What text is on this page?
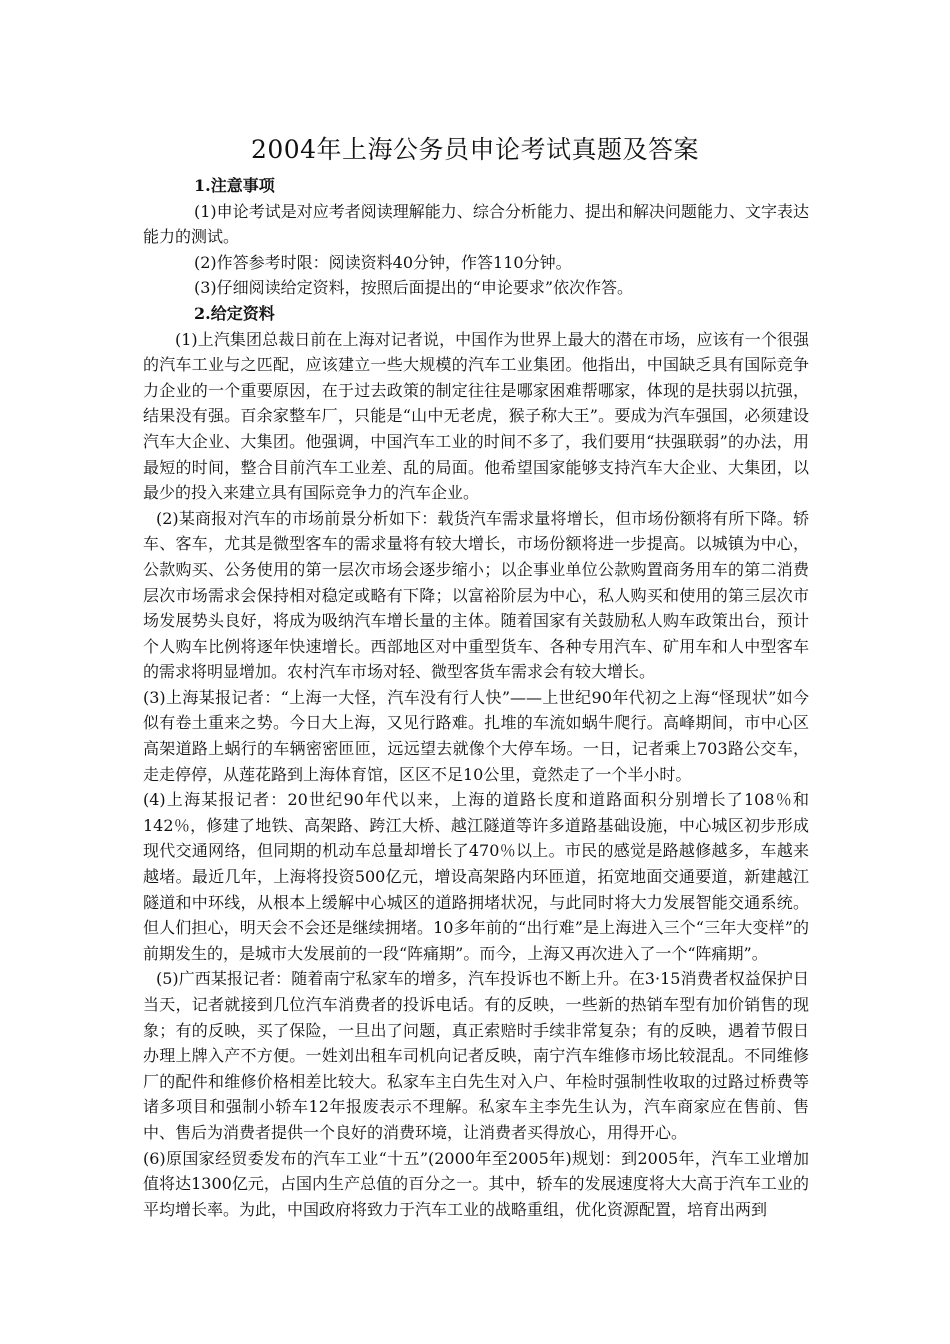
2004年上海公务员申论考试真题及答案

1.注意事项

(1)申论考试是对应考者阅读理解能力、综合分析能力、提出和解决问题能力、文字表达能力的测试。

(2)作答参考时限：阅读资料40分钟，作答110分钟。

(3)仔细阅读给定资料，按照后面提出的“申论要求”依次作答。

2.给定资料

(1)上汽集团总裁日前在上海对记者说，中国作为世界上最大的潜在市场，应该有一个很强的汽车工业与之匹配，应该建立一些大规模的汽车工业集团。他指出，中国缺乏具有国际竞争力企业的一个重要原因，在于过去政策的制定往往是哪家困难帮哪家，体现的是扶弱以抗强，结果没有强。百余家整车厂，只能是“山中无老虎，猴子称大王”。要成为汽车强国，必须建设汽车大企业、大集团。他强调，中国汽车工业的时间不多了，我们要用“扶强联弱”的办法，用最短的时间，整合目前汽车工业差、乱的局面。他希望国家能够支持汽车大企业、大集团，以最少的投入来建立具有国际竞争力的汽车企业。

(2)某商报对汽车的市场前景分析如下：载货汽车需求量将增长，但市场份额将有所下降。轿车、客车，尤其是微型客车的需求量将有较大增长，市场份额将进一步提高。以城镇为中心，公款购买、公务使用的第一层次市场会逐步缩小；以企事业单位公款购置商务用车的第二消费层次市场需求会保持相对稳定或略有下降；以富裕阶层为中心，私人购买和使用的第三层次市场发展势头良好，将成为吸纳汽车增长量的主体。随着国家有关鼓励私人购车政策出台，预计个人购车比例将逐年快速增长。西部地区对中重型货车、各种专用汽车、矿用车和人中型客车的需求将明显增加。农村汽车市场对轻、微型客货车需求会有较大增长。

(3)上海某报记者：“上海一大怪，汽车没有行人快”——上世纪90年代初之上海“怪现状”如今似有卷土重来之势。今日大上海，又见行路难。扎堆的车流如蜗牛爬行。高峰期间，市中心区高架道路上蜗行的车辆密密匝匝，远远望去就像个大停车场。一日，记者乘上703路公交车，走走停停，从莲花路到上海体育馆，区区不足10公里，竟然走了一个半小时。

(4)上海某报记者：20世纪90年代以来，上海的道路长度和道路面积分别增长了108％和142％，修建了地铁、高架路、跨江大桥、越江隧道等许多道路基础设施，中心城区初步形成现代交通网络，但同期的机动车总量却增长了470％以上。市民的感觉是路越修越多，车越来越堵。最近几年，上海将投资500亿元，增设高架路内环匝道，拓宽地面交通要道，新建越江隧道和中环线，从根本上缓解中心城区的道路拥堵状况，与此同时将大力发展智能交通系统。但人们担心，明天会不会还是继续拥堵。10多年前的“出行难”是上海进入三个“三年大变样”的前期发生的，是城市大发展前的一段“阵痛期”。而今，上海又再次进入了一个“阵痛期”。

(5)广西某报记者：随着南宁私家车的增多，汽车投诉也不断上升。在3·15消费者权益保护日当天，记者就接到几位汽车消费者的投诉电话。有的反映，一些新的热销车型有加价销售的现象；有的反映，买了保险，一旦出了问题，真正索赔时手续非常复杂；有的反映，遇着节假日办理上牌入产不方便。一姓刘出租车司机向记者反映，南宁汽车维修市场比较混乱。不同维修厂的配件和维修价格相差比较大。私家车主白先生对入户、年检时强制性收取的过路过桥费等诸多项目和强制小轿车12年报废表示不理解。私家车主李先生认为，汽车商家应在售前、售中、售后为消费者提供一个良好的消费环境，让消费者买得放心，用得开心。

(6)原国家经贸委发布的汽车工业“十五”(2000年至2005年)规划：到2005年，汽车工业增加值将达1300亿元，占国内生产总值的百分之一。其中，轿车的发展速度将大大高于汽车工业的平均增长率。为此，中国政府将致力于汽车工业的战略重组，优化资源配置，培育出两到
